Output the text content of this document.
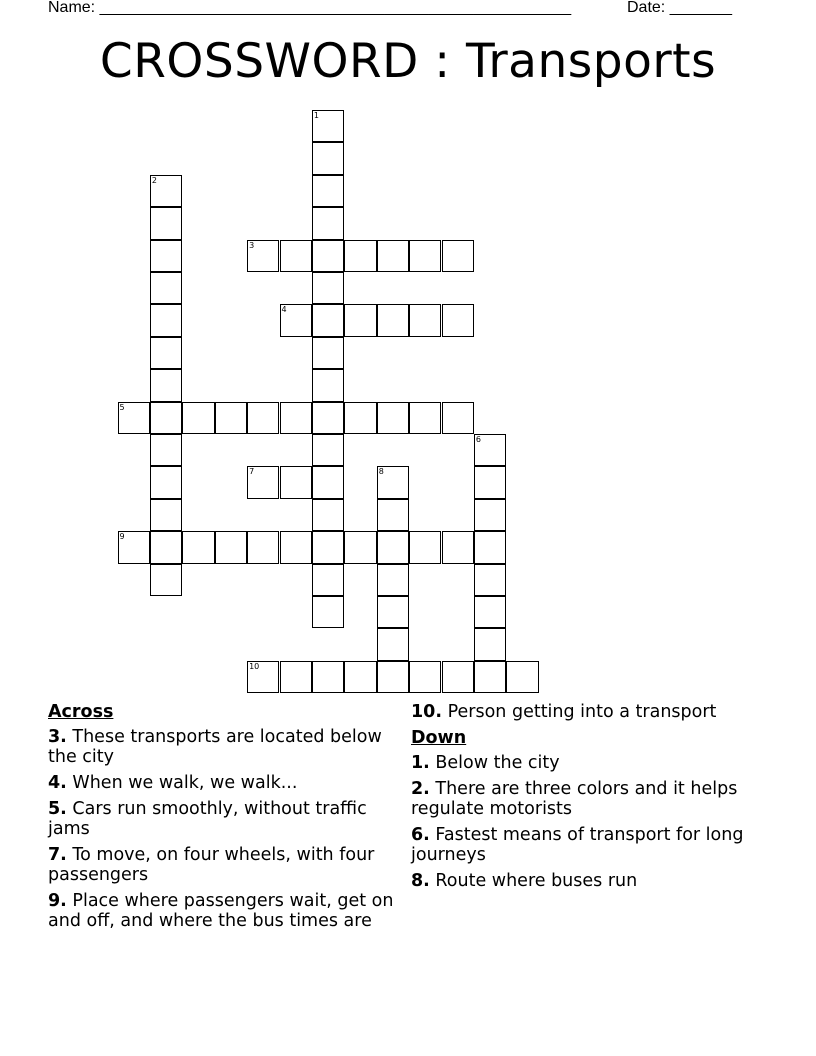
Name: _____________________________________________________	Date: _______
CROSSWORD : Transports
3
4
5
7
9
10
1
2
6
8
Across
3. These transports are located below the city
4. When we walk, we walk...
5. Cars run smoothly, without traffic jams
7. To move, on four wheels, with four passengers
9. Place where passengers wait, get on and off, and where the bus times are
10. Person getting into a transport
Down
1. Below the city
2. There are three colors and it helps regulate motorists
6. Fastest means of transport for long journeys
8. Route where buses run
